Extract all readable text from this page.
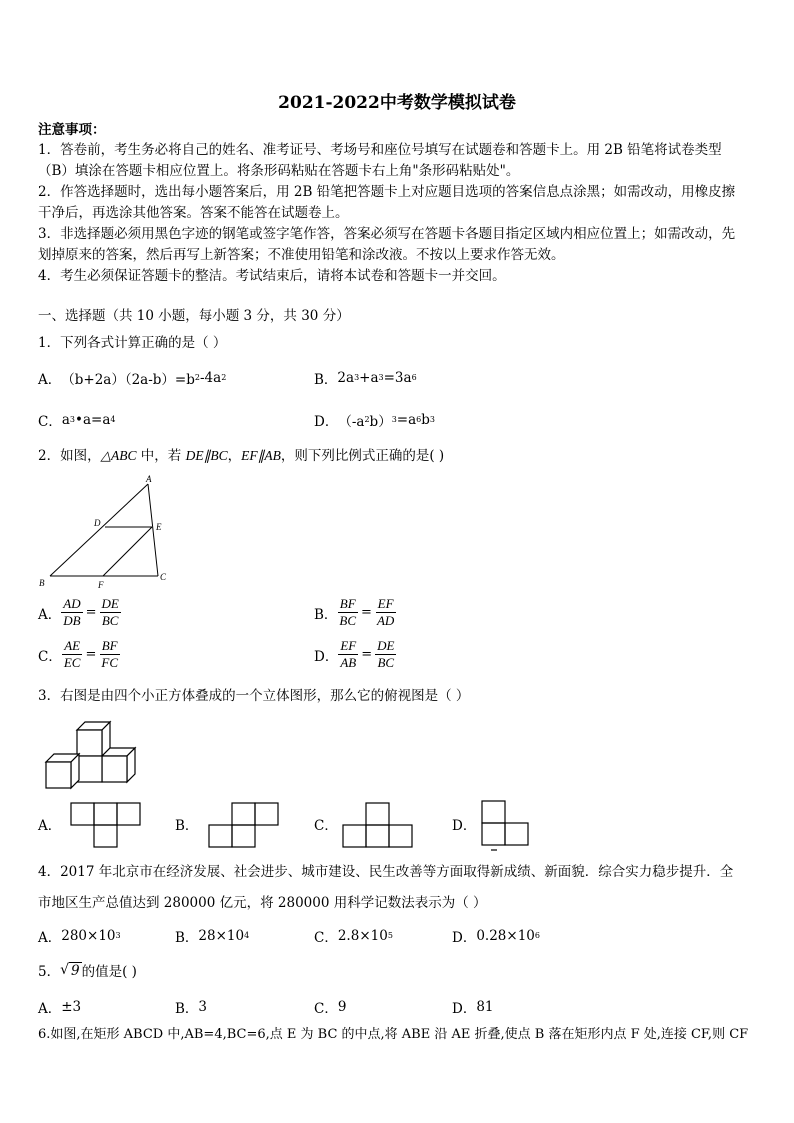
2021-2022中考数学模拟试卷
注意事项：
1．答卷前，考生务必将自己的姓名、准考证号、考场号和座位号填写在试题卷和答题卡上。用 2B 铅笔将试卷类型
（B）填涂在答题卡相应位置上。将条形码粘贴在答题卡右上角"条形码粘贴处"。
2．作答选择题时，选出每小题答案后，用 2B 铅笔把答题卡上对应题目选项的答案信息点涂黑；如需改动，用橡皮擦
干净后，再选涂其他答案。答案不能答在试题卷上。
3．非选择题必须用黑色字迹的钢笔或签字笔作答，答案必须写在答题卡各题目指定区域内相应位置上；如需改动，先
划掉原来的答案，然后再写上新答案；不准使用铅笔和涂改液。不按以上要求作答无效。
4．考生必须保证答题卡的整洁。考试结束后，请将本试卷和答题卡一并交回。
一、选择题（共 10 小题，每小题 3 分，共 30 分）
1．下列各式计算正确的是（ ）
A． （b+2a）（2a-b）=b 2 -4a 2	B． 2a 3 +a 3 =3a 6
C． a 3 •a=a 4	D． （-a 2 b） 3 =a 6 b 3
2．如图，△ABC 中，若 DE∥BC，EF∥AB，则下列比例式正确的是( )
A
B
C
D	E
F
A． $\frac{AD}{DB} = \frac{DE}{BC}$	B． $\frac{BF}{BC} = \frac{EF}{AD}$
C． $\frac{AE}{EC} = \frac{BF}{FC}$	D． $\frac{EF}{AB} = \frac{DE}{BC}$
3．右图是由四个小正方体叠成的一个立体图形，那么它的俯视图是（ ）
A．	B．	C．	D．
4．2017 年北京市在经济发展、社会进步、城市建设、民生改善等方面取得新成绩、新面貌．综合实力稳步提升．全
市地区生产总值达到 280000 亿元，将 280000 用科学记数法表示为（ ）
A． 280×10 3	B． 28×10 4	C． 2.8×10 5	D． 0.28×10 6
5． √ 9 的值是( )
A． ±3	B． 3	C． 9	D． 81
6.如图,在矩形 ABCD 中,AB=4,BC=6,点 E 为 BC 的中点,将 ABE 沿 AE 折叠,使点 B 落在矩形内点 F 处,连接 CF,则 CF
